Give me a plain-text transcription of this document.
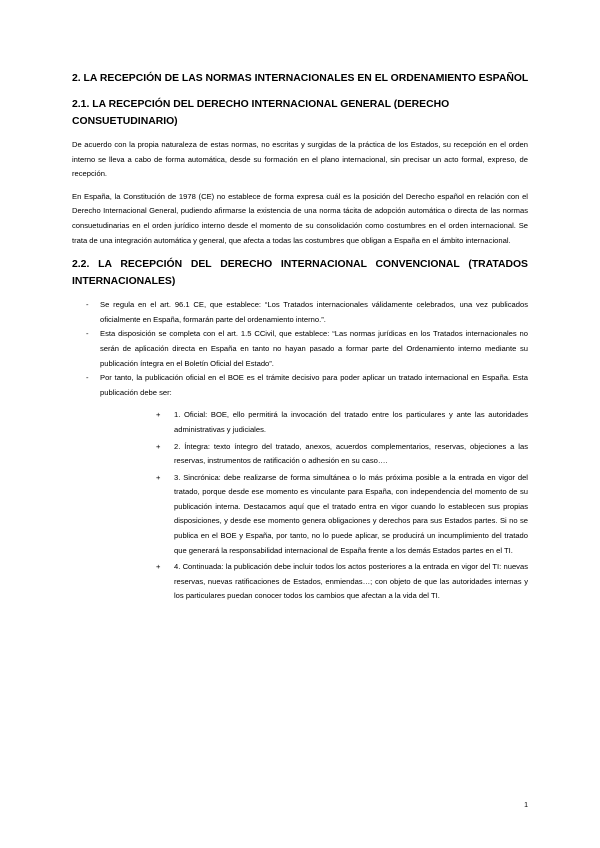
2. LA RECEPCIÓN DE LAS NORMAS INTERNACIONALES EN EL ORDENAMIENTO ESPAÑOL
2.1. LA RECEPCIÓN DEL DERECHO INTERNACIONAL GENERAL (DERECHO CONSUETUDINARIO)

De acuerdo con la propia naturaleza de estas normas, no escritas y surgidas de la práctica de los Estados, su recepción en el orden interno se lleva a cabo de forma automática, desde su formación en el plano internacional, sin precisar un acto formal, expreso, de recepción.

En España, la Constitución de 1978 (CE) no establece de forma expresa cuál es la posición del Derecho español en relación con el Derecho Internacional General, pudiendo afirmarse la existencia de una norma tácita de adopción automática o directa de las normas consuetudinarias en el orden jurídico interno desde el momento de su consolidación como costumbres en el orden internacional. Se trata de una integración automática y general, que afecta a todas las costumbres que obligan a España en el ámbito internacional.

2.2. LA RECEPCIÓN DEL DERECHO INTERNACIONAL CONVENCIONAL (TRATADOS INTERNACIONALES)
- Se regula en el art. 96.1 CE, que establece: “Los Tratados internacionales válidamente celebrados, una vez publicados oficialmente en España, formarán parte del ordenamiento interno.”.
- Esta disposición se completa con el art. 1.5 CCivil, que establece: “Las normas jurídicas en los Tratados internacionales no serán de aplicación directa en España en tanto no hayan pasado a formar parte del Ordenamiento interno mediante su publicación íntegra en el Boletín Oficial del Estado”.
- Por tanto, la publicación oficial en el BOE es el trámite decisivo para poder aplicar un tratado internacional en España. Esta publicación debe ser:
+ 1. Oficial: BOE, ello permitirá la invocación del tratado entre los particulares y ante las autoridades administrativas y judiciales.
+ 2. Íntegra: texto íntegro del tratado, anexos, acuerdos complementarios, reservas, objeciones a las reservas, instrumentos de ratificación o adhesión en su caso….
+ 3. Sincrónica: debe realizarse de forma simultánea o lo más próxima posible a la entrada en vigor del tratado, porque desde ese momento es vinculante para España, con independencia del momento de su publicación interna. Destacamos aquí que el tratado entra en vigor cuando lo establecen sus propias disposiciones, y desde ese momento genera obligaciones y derechos para sus Estados partes. Si no se publica en el BOE y España, por tanto, no lo puede aplicar, se producirá un incumplimiento del tratado que generará la responsabilidad internacional de España frente a los demás Estados partes en el TI.
+ 4. Continuada: la publicación debe incluir todos los actos posteriores a la entrada en vigor del TI: nuevas reservas, nuevas ratificaciones de Estados, enmiendas…; con objeto de que las autoridades internas y los particulares puedan conocer todos los cambios que afectan a la vida del TI.
1
